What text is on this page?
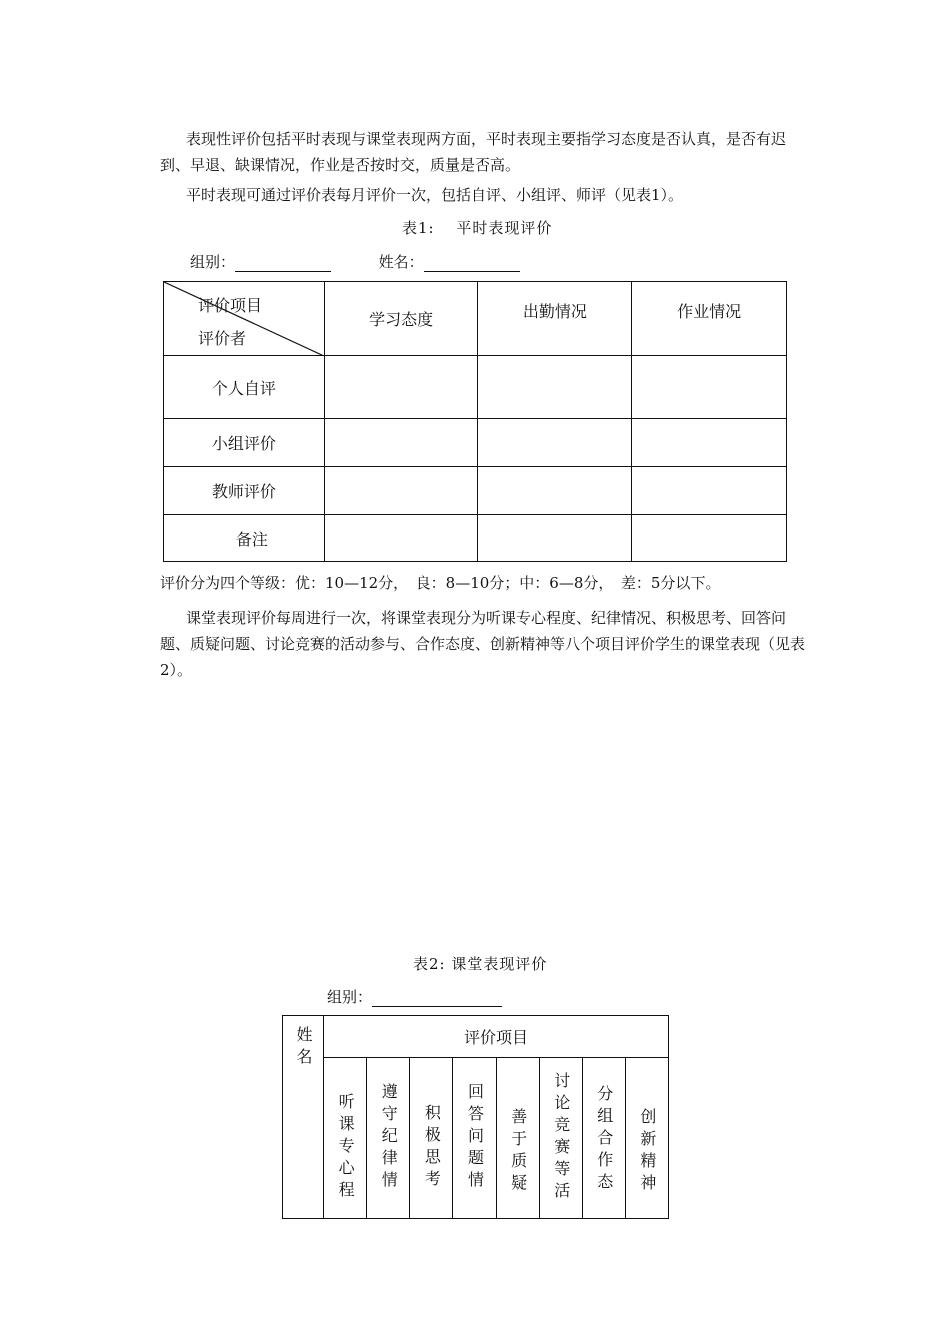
表现性评价包括平时表现与课堂表现两方面，平时表现主要指学习态度是否认真，是否有迟到、早退、缺课情况，作业是否按时交，质量是否高。
平时表现可通过评价表每月评价一次，包括自评、小组评、师评（见表1）。
表1:　 平时表现评价
组别：	姓名：
评价项目
评价者	学习态度	出勤情况	作业情况
个人自评			
小组评价			
教师评价			
备注			
评价分为四个等级：优：10—12分，　良：8—10分；中：6—8分，　差：5分以下。
课堂表现评价每周进行一次，将课堂表现分为听课专心程度、纪律情况、积极思考、回答问题、质疑问题、讨论竞赛的活动参与、合作态度、创新精神等八个项目评价学生的课堂表现（见表2）。
表2: 课堂表现评价
组别：
姓名	评价项目							
	听课专心程	遵守纪律情	积极思考	回答问题情	善于质疑	讨论竞赛等活	分组合作态	创新精神
